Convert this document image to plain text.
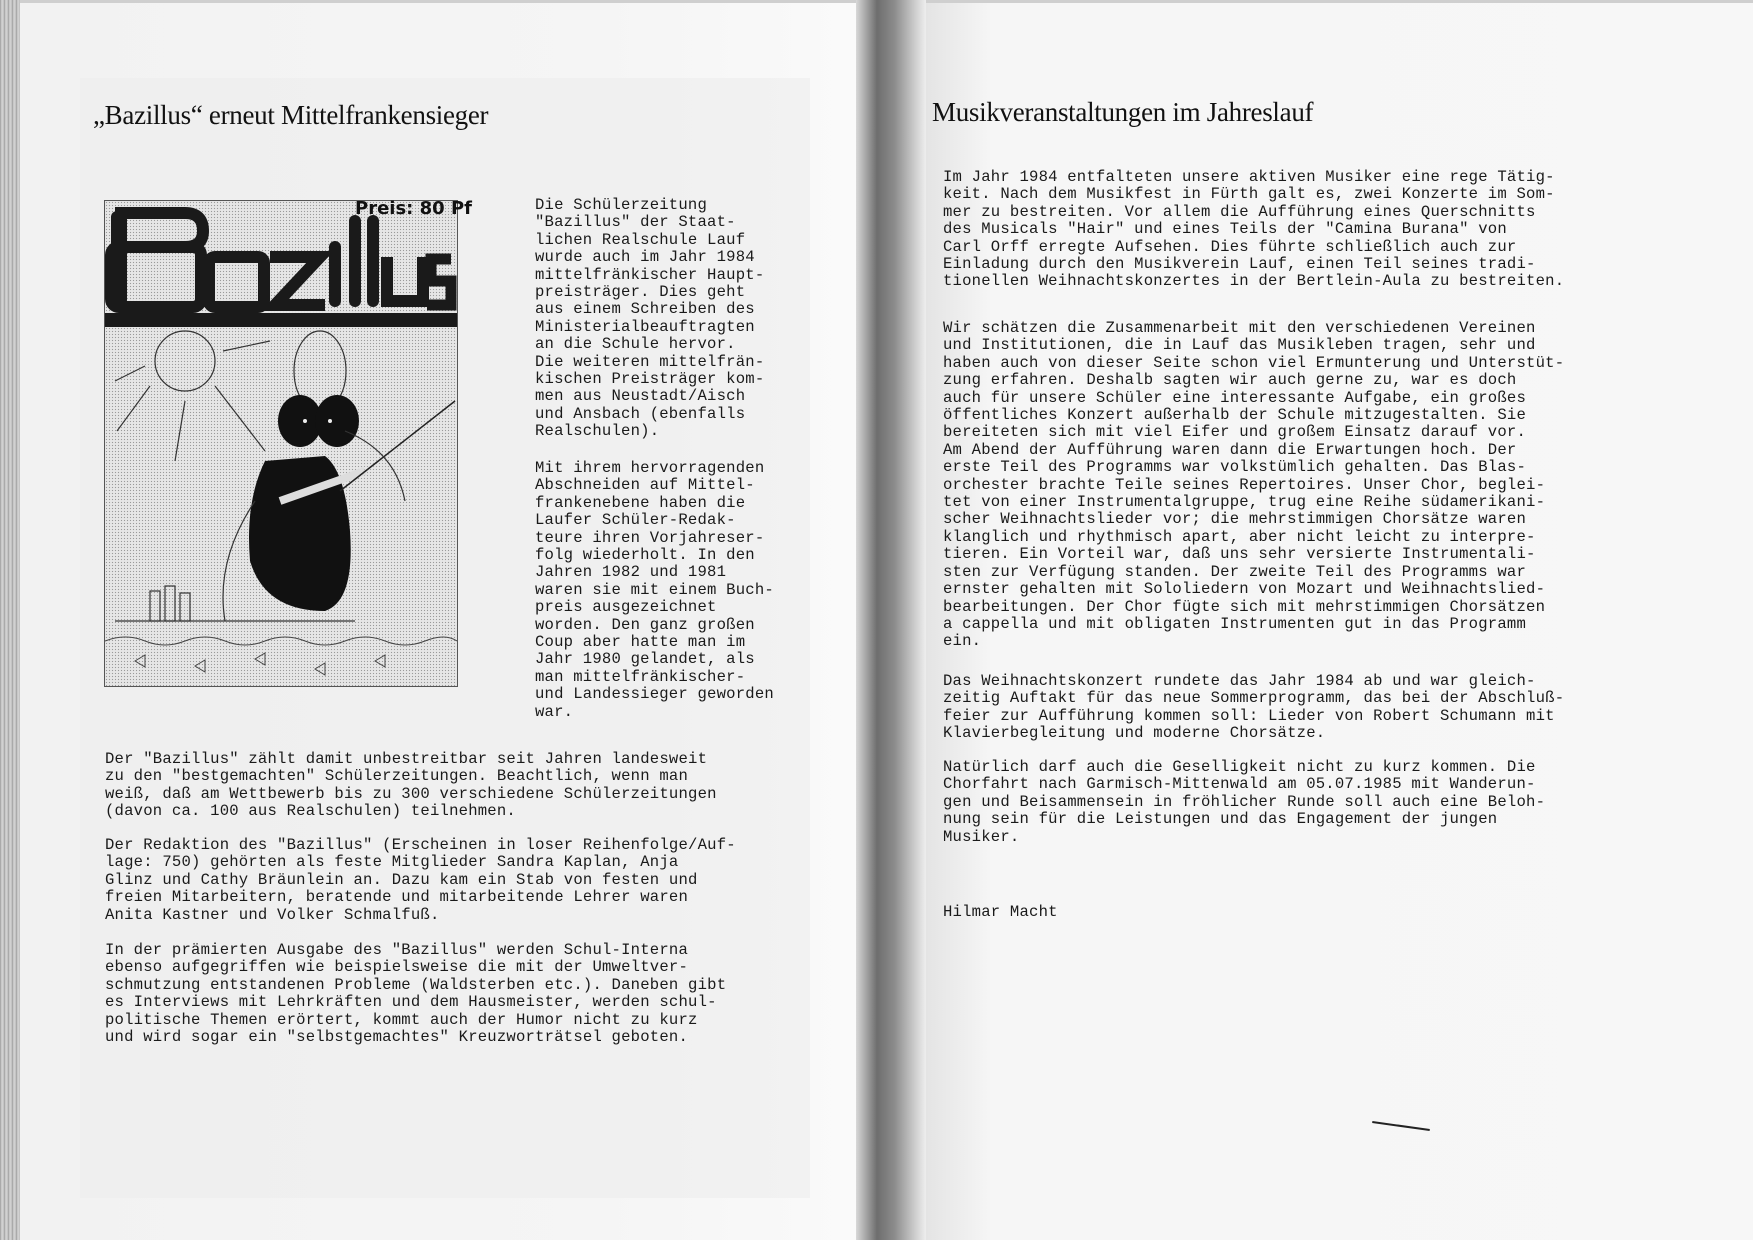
„Bazillus“ erneut Mittelfrankensieger
Preis: 80 Pf	Die Schülerzeitung
"Bazillus" der Staat-
lichen Realschule Lauf
wurde auch im Jahr 1984
mittelfränkischer Haupt-
preisträger. Dies geht
aus einem Schreiben des
Ministerialbeauftragten
an die Schule hervor.
Die weiteren mittelfrän-
kischen Preisträger kom-
men aus Neustadt/Aisch
und Ansbach (ebenfalls
Realschulen).
Mit ihrem hervorragenden
Abschneiden auf Mittel-
frankenebene haben die
Laufer Schüler-Redak-
teure ihren Vorjahreser-
folg wiederholt. In den
Jahren 1982 und 1981
waren sie mit einem Buch-
preis ausgezeichnet
worden. Den ganz großen
Coup aber hatte man im
Jahr 1980 gelandet, als
man mittelfränkischer-
und Landessieger geworden
war.
Der "Bazillus" zählt damit unbestreitbar seit Jahren landesweit
zu den "bestgemachten" Schülerzeitungen. Beachtlich, wenn man
weiß, daß am Wettbewerb bis zu 300 verschiedene Schülerzeitungen
(davon ca. 100 aus Realschulen) teilnehmen.
Der Redaktion des "Bazillus" (Erscheinen in loser Reihenfolge/Auf-
lage: 750) gehörten als feste Mitglieder Sandra Kaplan, Anja
Glinz und Cathy Bräunlein an. Dazu kam ein Stab von festen und
freien Mitarbeitern, beratende und mitarbeitende Lehrer waren
Anita Kastner und Volker Schmalfuß.
In der prämierten Ausgabe des "Bazillus" werden Schul-Interna
ebenso aufgegriffen wie beispielsweise die mit der Umweltver-
schmutzung entstandenen Probleme (Waldsterben etc.). Daneben gibt
es Interviews mit Lehrkräften und dem Hausmeister, werden schul-
politische Themen erörtert, kommt auch der Humor nicht zu kurz
und wird sogar ein "selbstgemachtes" Kreuzworträtsel geboten.
Musikveranstaltungen im Jahreslauf
Im Jahr 1984 entfalteten unsere aktiven Musiker eine rege Tätig-
keit. Nach dem Musikfest in Fürth galt es, zwei Konzerte im Som-
mer zu bestreiten. Vor allem die Aufführung eines Querschnitts
des Musicals "Hair" und eines Teils der "Camina Burana" von
Carl Orff erregte Aufsehen. Dies führte schließlich auch zur
Einladung durch den Musikverein Lauf, einen Teil seines tradi-
tionellen Weihnachtskonzertes in der Bertlein-Aula zu bestreiten.
Wir schätzen die Zusammenarbeit mit den verschiedenen Vereinen
und Institutionen, die in Lauf das Musikleben tragen, sehr und
haben auch von dieser Seite schon viel Ermunterung und Unterstüt-
zung erfahren. Deshalb sagten wir auch gerne zu, war es doch
auch für unsere Schüler eine interessante Aufgabe, ein großes
öffentliches Konzert außerhalb der Schule mitzugestalten. Sie
bereiteten sich mit viel Eifer und großem Einsatz darauf vor.
Am Abend der Aufführung waren dann die Erwartungen hoch. Der
erste Teil des Programms war volkstümlich gehalten. Das Blas-
orchester brachte Teile seines Repertoires. Unser Chor, beglei-
tet von einer Instrumentalgruppe, trug eine Reihe südamerikani-
scher Weihnachtslieder vor; die mehrstimmigen Chorsätze waren
klanglich und rhythmisch apart, aber nicht leicht zu interpre-
tieren. Ein Vorteil war, daß uns sehr versierte Instrumentali-
sten zur Verfügung standen. Der zweite Teil des Programms war
ernster gehalten mit Sololiedern von Mozart und Weihnachtslied-
bearbeitungen. Der Chor fügte sich mit mehrstimmigen Chorsätzen
a cappella und mit obligaten Instrumenten gut in das Programm
ein.
Das Weihnachtskonzert rundete das Jahr 1984 ab und war gleich-
zeitig Auftakt für das neue Sommerprogramm, das bei der Abschluß-
feier zur Aufführung kommen soll: Lieder von Robert Schumann mit
Klavierbegleitung und moderne Chorsätze.
Natürlich darf auch die Geselligkeit nicht zu kurz kommen. Die
Chorfahrt nach Garmisch-Mittenwald am 05.07.1985 mit Wanderun-
gen und Beisammensein in fröhlicher Runde soll auch eine Beloh-
nung sein für die Leistungen und das Engagement der jungen
Musiker.
Hilmar Macht
